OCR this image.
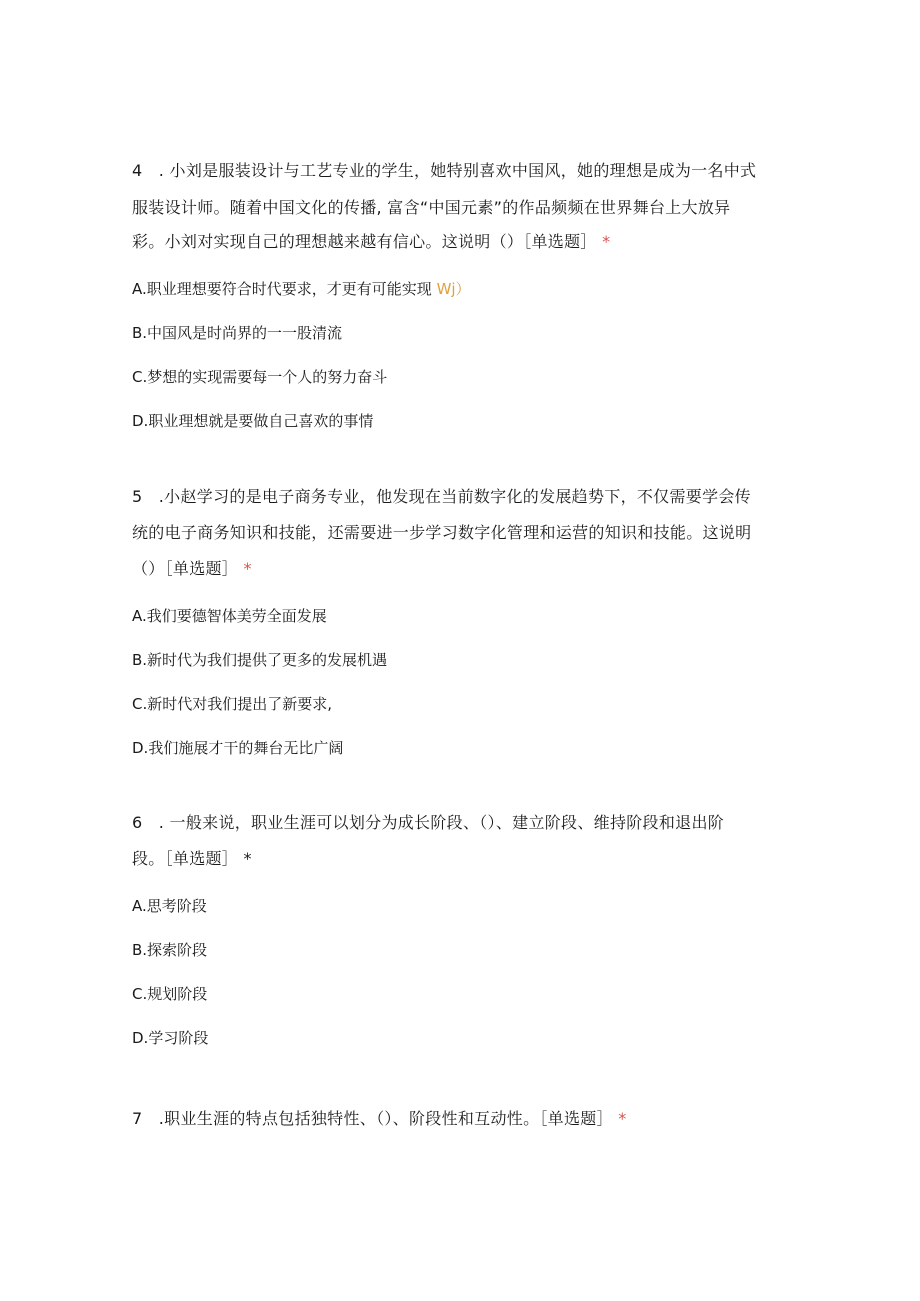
4　. 小刘是服装设计与工艺专业的学生，她特别喜欢中国风，她的理想是成为一名中式
服装设计师。随着中国文化的传播, 富含“中国元素”的作品频频在世界舞台上大放异
彩。小刘对实现自己的理想越来越有信心。这说明（）［单选题］ *
A.职业理想要符合时代要求，才更有可能实现 Wj）
B.中国风是时尚界的一一股清流
C.梦想的实现需要每一个人的努力奋斗
D.职业理想就是要做自己喜欢的事情
5　.小赵学习的是电子商务专业，他发现在当前数字化的发展趋势下，不仅需要学会传
统的电子商务知识和技能，还需要进一步学习数字化管理和运营的知识和技能。这说明
（）［单选题］ *
A.我们要德智体美劳全面发展
B.新时代为我们提供了更多的发展机遇
C.新时代对我们提出了新要求,
D.我们施展才干的舞台无比广阔
6　. 一般来说，职业生涯可以划分为成长阶段、（）、建立阶段、维持阶段和退出阶
段。［单选题］ *
A.思考阶段
B.探索阶段
C.规划阶段
D.学习阶段
7　.职业生涯的特点包括独特性、（）、阶段性和互动性。［单选题］ *
